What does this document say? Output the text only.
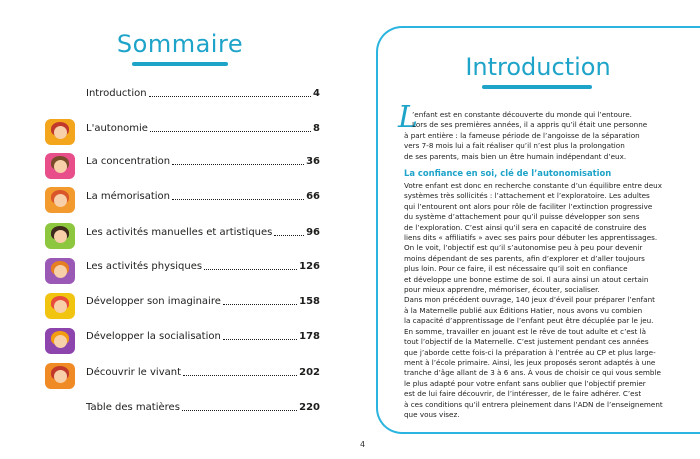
Sommaire
Introduction	4
L'autonomie	8
La concentration	36
La mémorisation	66
Les activités manuelles et artistiques	96
Les activités physiques	126
Développer son imaginaire	158
Développer la socialisation	178
Découvrir le vivant	202
Table des matières	220
Introduction
L
’enfant est en constante découverte du monde qui l’entoure.
Lors de ses premières années, il a appris qu’il était une personne
à part entière : la fameuse période de l’angoisse de la séparation
vers 7-8 mois lui a fait réaliser qu’il n’est plus la prolongation
de ses parents, mais bien un être humain indépendant d’eux.
La confiance en soi, clé de l’autonomisation
Votre enfant est donc en recherche constante d’un équilibre entre deux
systèmes très sollicités : l’attachement et l’exploratoire. Les adultes
qui l’entourent ont alors pour rôle de faciliter l’extinction progressive
du système d’attachement pour qu’il puisse développer son sens
de l’exploration. C’est ainsi qu’il sera en capacité de construire des
liens dits « affiliatifs » avec ses pairs pour débuter les apprentissages.
On le voit, l’objectif est qu’il s’autonomise peu à peu pour devenir
moins dépendant de ses parents, afin d’explorer et d’aller toujours
plus loin. Pour ce faire, il est nécessaire qu’il soit en confiance
et développe une bonne estime de soi. Il aura ainsi un atout certain
pour mieux apprendre, mémoriser, écouter, socialiser.
Dans mon précédent ouvrage, 140 jeux d’éveil pour préparer l’enfant
à la Maternelle publié aux Éditions Hatier, nous avons vu combien
la capacité d’apprentissage de l’enfant peut être décuplée par le jeu.
En somme, travailler en jouant est le rêve de tout adulte et c’est là
tout l’objectif de la Maternelle. C’est justement pendant ces années
que j’aborde cette fois-ci la préparation à l’entrée au CP et plus large-
ment à l’école primaire. Ainsi, les jeux proposés seront adaptés à une
tranche d’âge allant de 3 à 6 ans. À vous de choisir ce qui vous semble
le plus adapté pour votre enfant sans oublier que l’objectif premier
est de lui faire découvrir, de l’intéresser, de le faire adhérer. C’est
à ces conditions qu’il entrera pleinement dans l’ADN de l’enseignement
que vous visez.
4
